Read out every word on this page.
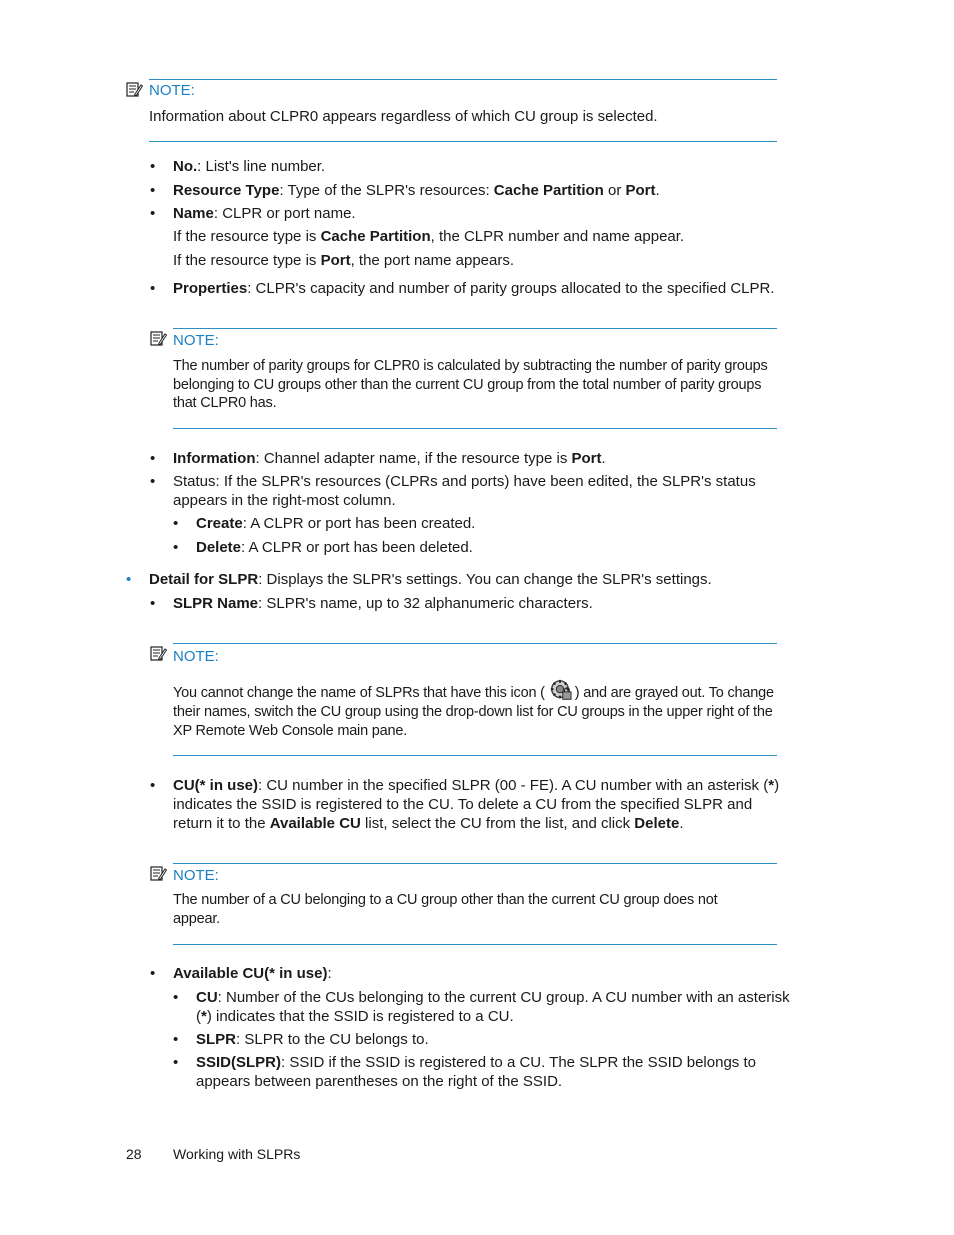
NOTE:
Information about CLPR0 appears regardless of which CU group is selected.
• No.: List's line number.
• Resource Type: Type of the SLPR's resources: Cache Partition or Port.
• Name: CLPR or port name.
If the resource type is Cache Partition, the CLPR number and name appear.
If the resource type is Port, the port name appears.
• Properties: CLPR's capacity and number of parity groups allocated to the specified CLPR.
NOTE:
The number of parity groups for CLPR0 is calculated by subtracting the number of parity groups belonging to CU groups other than the current CU group from the total number of parity groups that CLPR0 has.
• Information: Channel adapter name, if the resource type is Port.
• Status: If the SLPR's resources (CLPRs and ports) have been edited, the SLPR's status appears in the right-most column.
• Create: A CLPR or port has been created.
• Delete: A CLPR or port has been deleted.
• Detail for SLPR: Displays the SLPR's settings. You can change the SLPR's settings.
• SLPR Name: SLPR's name, up to 32 alphanumeric characters.
NOTE:
You cannot change the name of SLPRs that have this icon ( ) and are grayed out. To change their names, switch the CU group using the drop-down list for CU groups in the upper right of the XP Remote Web Console main pane.
• CU(* in use): CU number in the specified SLPR (00 - FE). A CU number with an asterisk (*) indicates the SSID is registered to the CU. To delete a CU from the specified SLPR and return it to the Available CU list, select the CU from the list, and click Delete.
NOTE:
The number of a CU belonging to a CU group other than the current CU group does not appear.
• Available CU(* in use):
• CU: Number of the CUs belonging to the current CU group. A CU number with an asterisk (*) indicates that the SSID is registered to a CU.
• SLPR: SLPR to the CU belongs to.
• SSID(SLPR): SSID if the SSID is registered to a CU. The SLPR the SSID belongs to appears between parentheses on the right of the SSID.
28 Working with SLPRs
